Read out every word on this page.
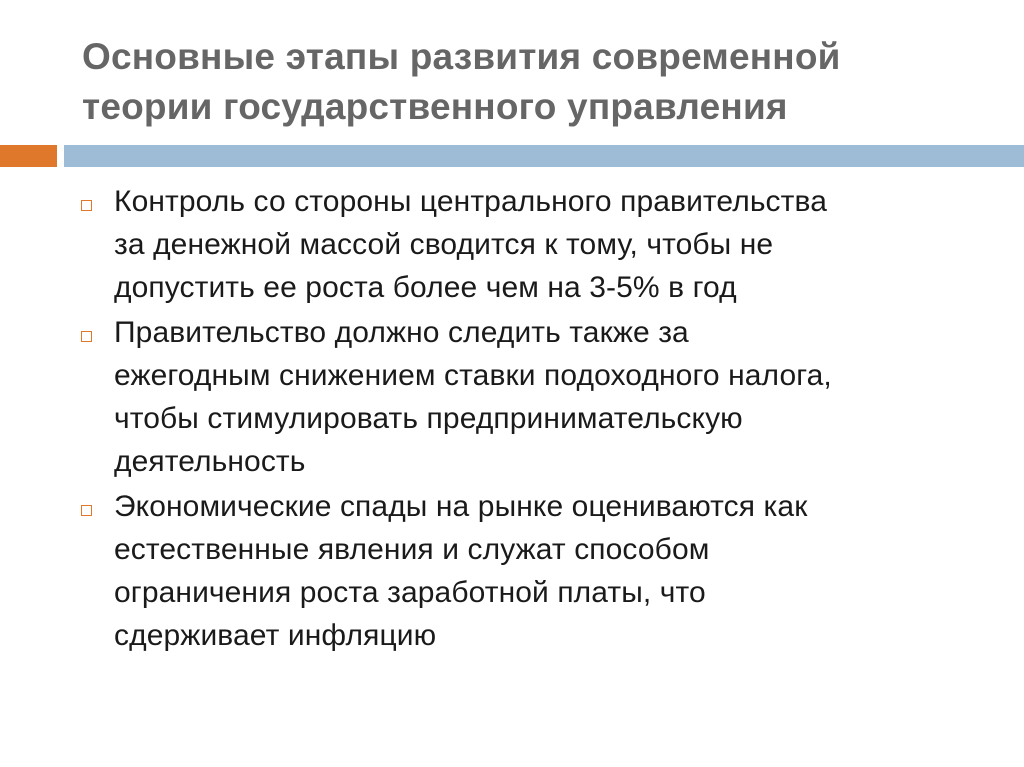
Основные этапы развития современной
теории государственного управления
Контроль со стороны центрального правительства
за денежной массой сводится к тому, чтобы не
допустить ее роста более чем на 3-5% в год
Правительство должно следить также за
ежегодным снижением ставки подоходного налога,
чтобы стимулировать предпринимательскую
деятельность
Экономические спады на рынке оцениваются как
естественные явления и служат способом
ограничения роста заработной платы, что
сдерживает инфляцию
